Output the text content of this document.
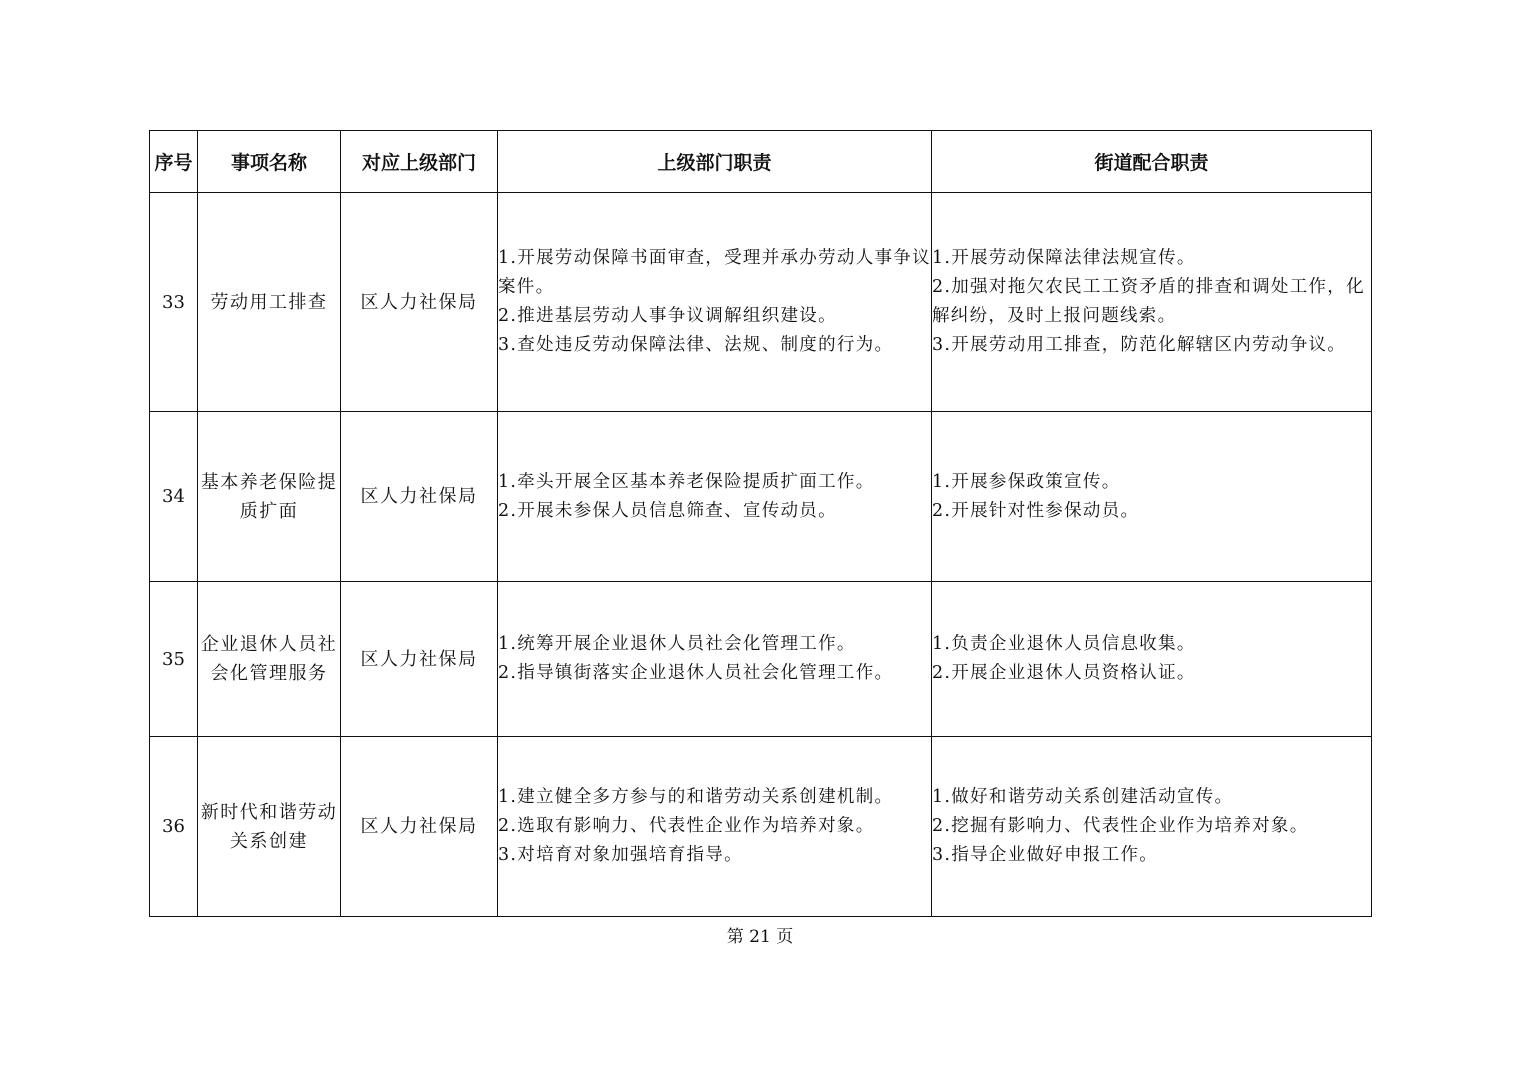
序号	事项名称	对应上级部门	上级部门职责	街道配合职责
33	劳动用工排查	区人力社保局	1.开展劳动保障书面审查，受理并承办劳动人事争议案件。
2.推进基层劳动人事争议调解组织建设。
3.查处违反劳动保障法律、法规、制度的行为。	1.开展劳动保障法律法规宣传。
2.加强对拖欠农民工工资矛盾的排查和调处工作，化解纠纷，及时上报问题线索。
3.开展劳动用工排查，防范化解辖区内劳动争议。

34	基本养老保险提质扩面	区人力社保局	1.牵头开展全区基本养老保险提质扩面工作。
2.开展未参保人员信息筛查、宣传动员。	1.开展参保政策宣传。
2.开展针对性参保动员。

35	企业退休人员社会化管理服务	区人力社保局	1.统筹开展企业退休人员社会化管理工作。
2.指导镇街落实企业退休人员社会化管理工作。	1.负责企业退休人员信息收集。
2.开展企业退休人员资格认证。

36	新时代和谐劳动关系创建	区人力社保局	1.建立健全多方参与的和谐劳动关系创建机制。
2.选取有影响力、代表性企业作为培养对象。
3.对培育对象加强培育指导。	1.做好和谐劳动关系创建活动宣传。
2.挖掘有影响力、代表性企业作为培养对象。
3.指导企业做好申报工作。
第 21 页
